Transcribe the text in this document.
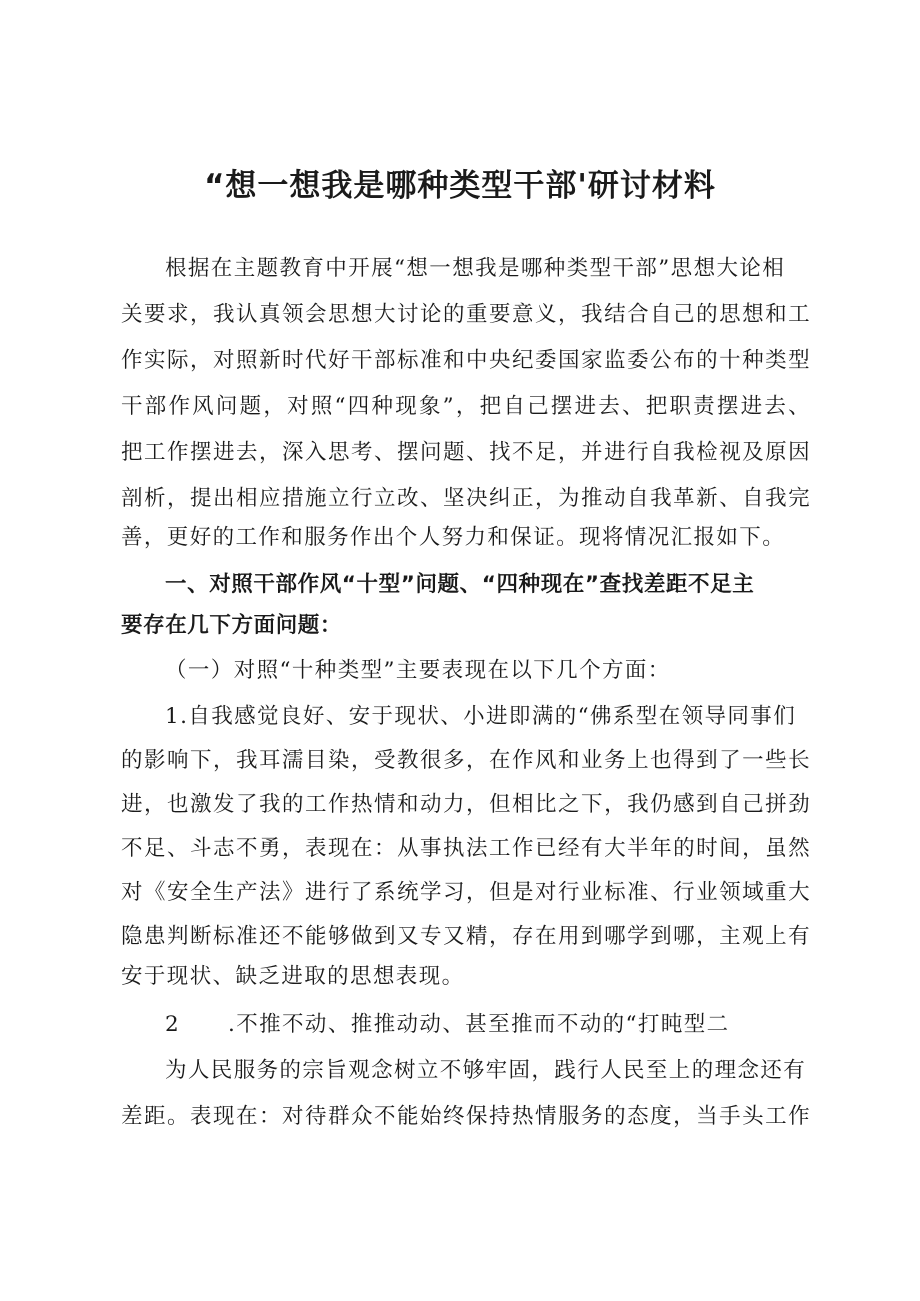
“想一想我是哪种类型干部'研讨材料
根据在主题教育中开展“想一想我是哪种类型干部”思想大论相
关要求，我认真领会思想大讨论的重要意义，我结合自己的思想和工
作实际，对照新时代好干部标准和中央纪委国家监委公布的十种类型
干部作风问题，对照“四种现象”，把自己摆进去、把职责摆进去、
把工作摆进去，深入思考、摆问题、找不足，并进行自我检视及原因
剖析，提出相应措施立行立改、坚决纠正，为推动自我革新、自我完
善，更好的工作和服务作出个人努力和保证。现将情况汇报如下。
一、对照干部作风“十型”问题、“四种现在”查找差距不足主
要存在几下方面问题：
（一）对照“十种类型”主要表现在以下几个方面：
1.自我感觉良好、安于现状、小进即满的“佛系型在领导同事们
的影响下，我耳濡目染，受教很多，在作风和业务上也得到了一些长
进，也激发了我的工作热情和动力，但相比之下，我仍感到自己拼劲
不足、斗志不勇，表现在：从事执法工作已经有大半年的时间，虽然
对《安全生产法》进行了系统学习，但是对行业标准、行业领域重大
隐患判断标准还不能够做到又专又精，存在用到哪学到哪，主观上有
安于现状、缺乏进取的思想表现。
2 .不推不动、推推动动、甚至推而不动的“打盹型二
为人民服务的宗旨观念树立不够牢固，践行人民至上的理念还有
差距。表现在：对待群众不能始终保持热情服务的态度，当手头工作
